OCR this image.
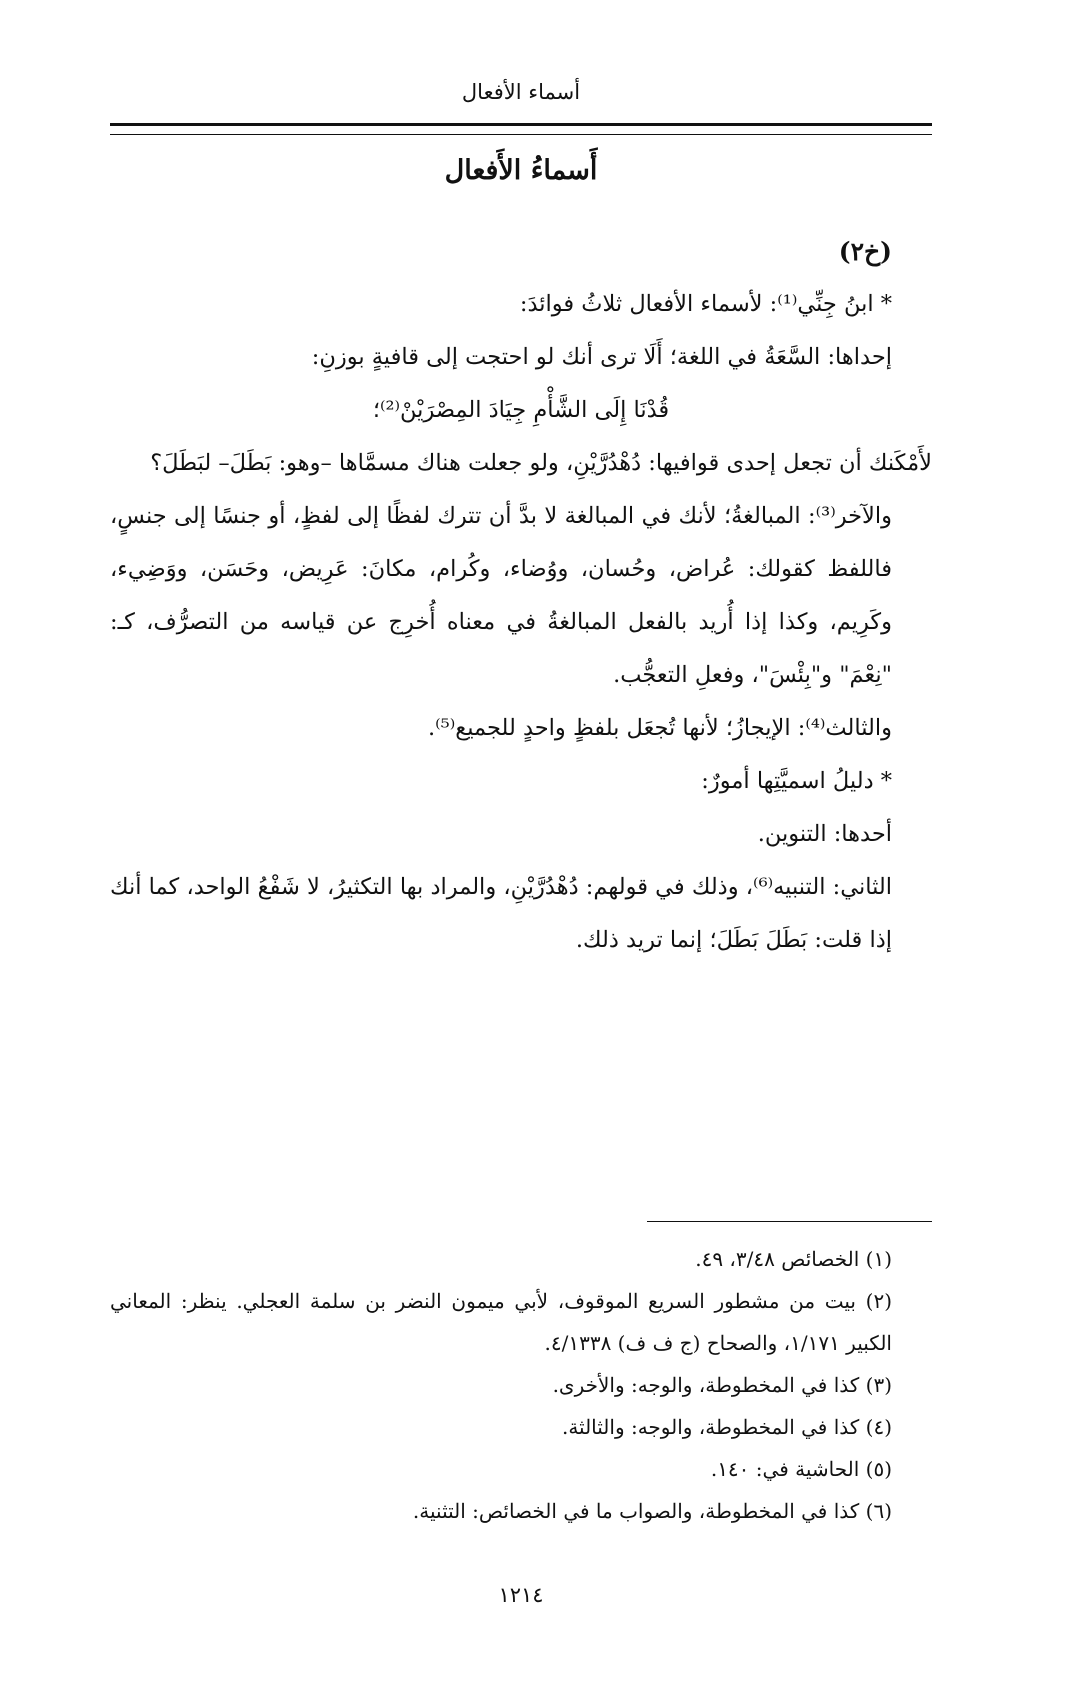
أسماء الأفعال
أَسماءُ الأَفعال

(خ٢)

* ابنُ جِنِّي⁽¹⁾: لأسماء الأفعال ثلاثُ فوائدَ:

إحداها: السَّعَةُ في اللغة؛ أَلَا ترى أنك لو احتجت إلى قافيةٍ بوزنِ:

قُدْنَا إِلَى الشَّأْمِ جِيَادَ المِصْرَيْنْ⁽²⁾؛

لأَمْكَنك أن تجعل إحدى قوافيها: دُهْدُرَّيْنِ، ولو جعلت هناك مسمَّاها –وهو: بَطَلَ– لبَطَلَ؟

والآخر⁽³⁾: المبالغةُ؛ لأنك في المبالغة لا بدَّ أن تترك لفظًا إلى لفظٍ، أو جنسًا إلى جنسٍ، فاللفظ كقولك: عُراض، وحُسان، ووُضاء، وكُرام، مكانَ: عَرِيض، وحَسَن، ووَضِيء، وكَرِيم، وكذا إذا أُريد بالفعل المبالغةُ في معناه أُخرِج عن قياسه من التصرُّف، كـ: "نِعْمَ" و"بِئْسَ"، وفعلِ التعجُّب.

والثالث⁽⁴⁾: الإيجازُ؛ لأنها تُجعَل بلفظٍ واحدٍ للجميع⁽⁵⁾.

* دليلُ اسميَّتِها أمورٌ:

أحدها: التنوين.

الثاني: التنبيه⁽⁶⁾، وذلك في قولهم: دُهْدُرَّيْنِ، والمراد بها التكثيرُ، لا شَفْعُ الواحد، كما أنك إذا قلت: بَطَلَ بَطَلَ؛ إنما تريد ذلك.

(١) الخصائص ٣/٤٨، ٤٩.

(٢) بيت من مشطور السريع الموقوف، لأبي ميمون النضر بن سلمة العجلي. ينظر: المعاني الكبير ١/١٧١، والصحاح (ج ف ف) ٤/١٣٣٨.

(٣) كذا في المخطوطة، والوجه: والأخرى.

(٤) كذا في المخطوطة، والوجه: والثالثة.

(٥) الحاشية في: ١٤٠.

(٦) كذا في المخطوطة، والصواب ما في الخصائص: التثنية.

١٢١٤
